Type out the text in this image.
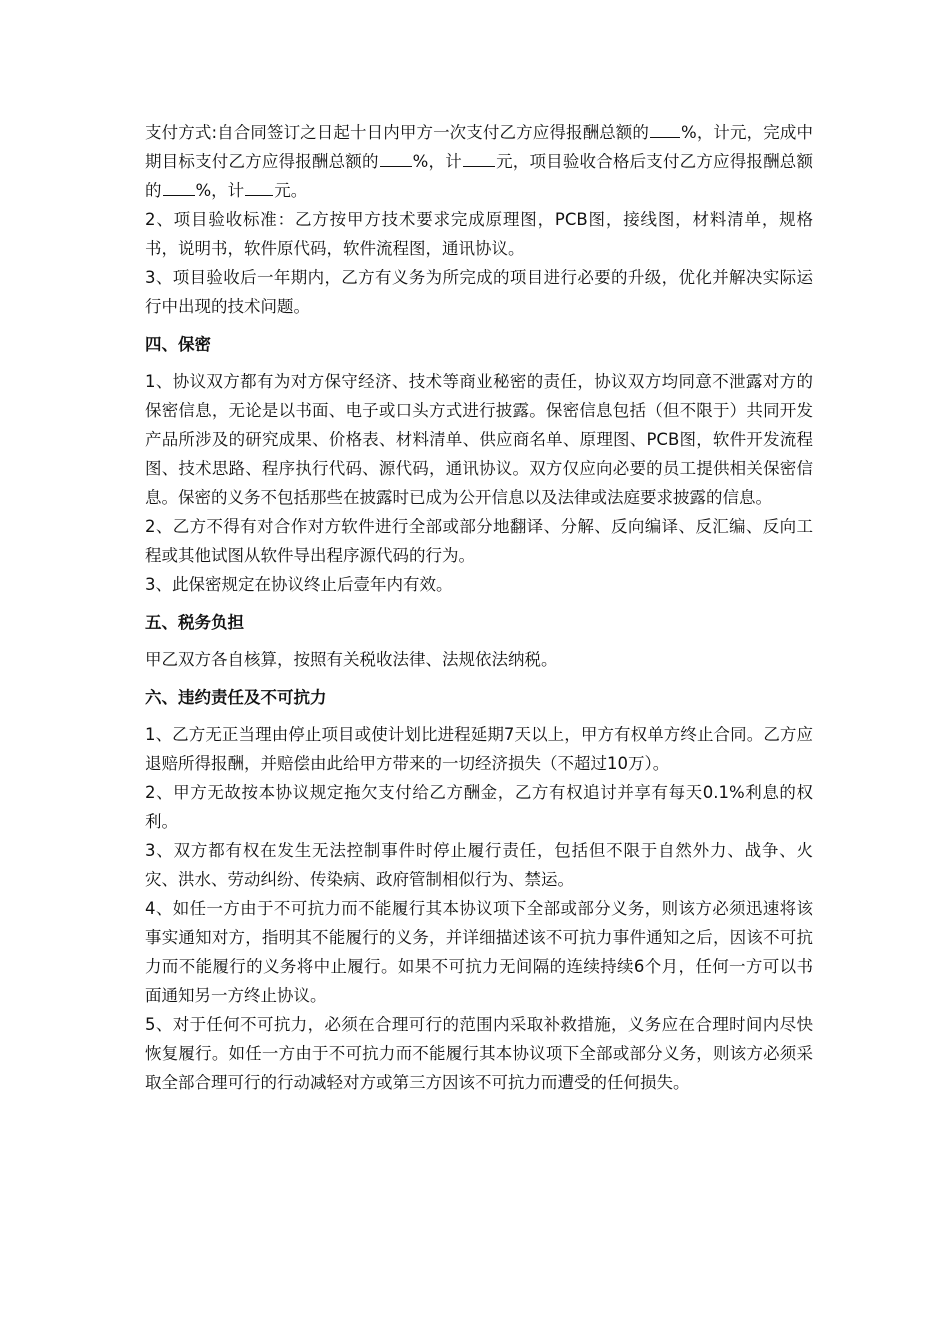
支付方式:自合同签订之日起十日内甲方一次支付乙方应得报酬总额的 %，计元，完成中期目标支付乙方应得报酬总额的 %，计 元，项目验收合格后支付乙方应得报酬总额的 %，计 元。

2、项目验收标准：乙方按甲方技术要求完成原理图，PCB图，接线图，材料清单，规格书，说明书，软件原代码，软件流程图，通讯协议。

3、项目验收后一年期内，乙方有义务为所完成的项目进行必要的升级，优化并解决实际运行中出现的技术问题。

四、保密

1、协议双方都有为对方保守经济、技术等商业秘密的责任，协议双方均同意不泄露对方的保密信息，无论是以书面、电子或口头方式进行披露。保密信息包括（但不限于）共同开发产品所涉及的研究成果、价格表、材料清单、供应商名单、原理图、PCB图，软件开发流程图、技术思路、程序执行代码、源代码，通讯协议。双方仅应向必要的员工提供相关保密信息。保密的义务不包括那些在披露时已成为公开信息以及法律或法庭要求披露的信息。

2、乙方不得有对合作对方软件进行全部或部分地翻译、分解、反向编译、反汇编、反向工程或其他试图从软件导出程序源代码的行为。

3、此保密规定在协议终止后壹年内有效。

五、税务负担

甲乙双方各自核算，按照有关税收法律、法规依法纳税。

六、违约责任及不可抗力

1、乙方无正当理由停止项目或使计划比进程延期7天以上，甲方有权单方终止合同。乙方应退赔所得报酬，并赔偿由此给甲方带来的一切经济损失（不超过10万）。

2、甲方无故按本协议规定拖欠支付给乙方酬金，乙方有权追讨并享有每天0.1%利息的权利。

3、双方都有权在发生无法控制事件时停止履行责任，包括但不限于自然外力、战争、火灾、洪水、劳动纠纷、传染病、政府管制相似行为、禁运。

4、如任一方由于不可抗力而不能履行其本协议项下全部或部分义务，则该方必须迅速将该事实通知对方，指明其不能履行的义务，并详细描述该不可抗力事件通知之后，因该不可抗力而不能履行的义务将中止履行。如果不可抗力无间隔的连续持续6个月，任何一方可以书面通知另一方终止协议。

5、对于任何不可抗力，必须在合理可行的范围内采取补救措施，义务应在合理时间内尽快恢复履行。如任一方由于不可抗力而不能履行其本协议项下全部或部分义务，则该方必须采取全部合理可行的行动减轻对方或第三方因该不可抗力而遭受的任何损失。
